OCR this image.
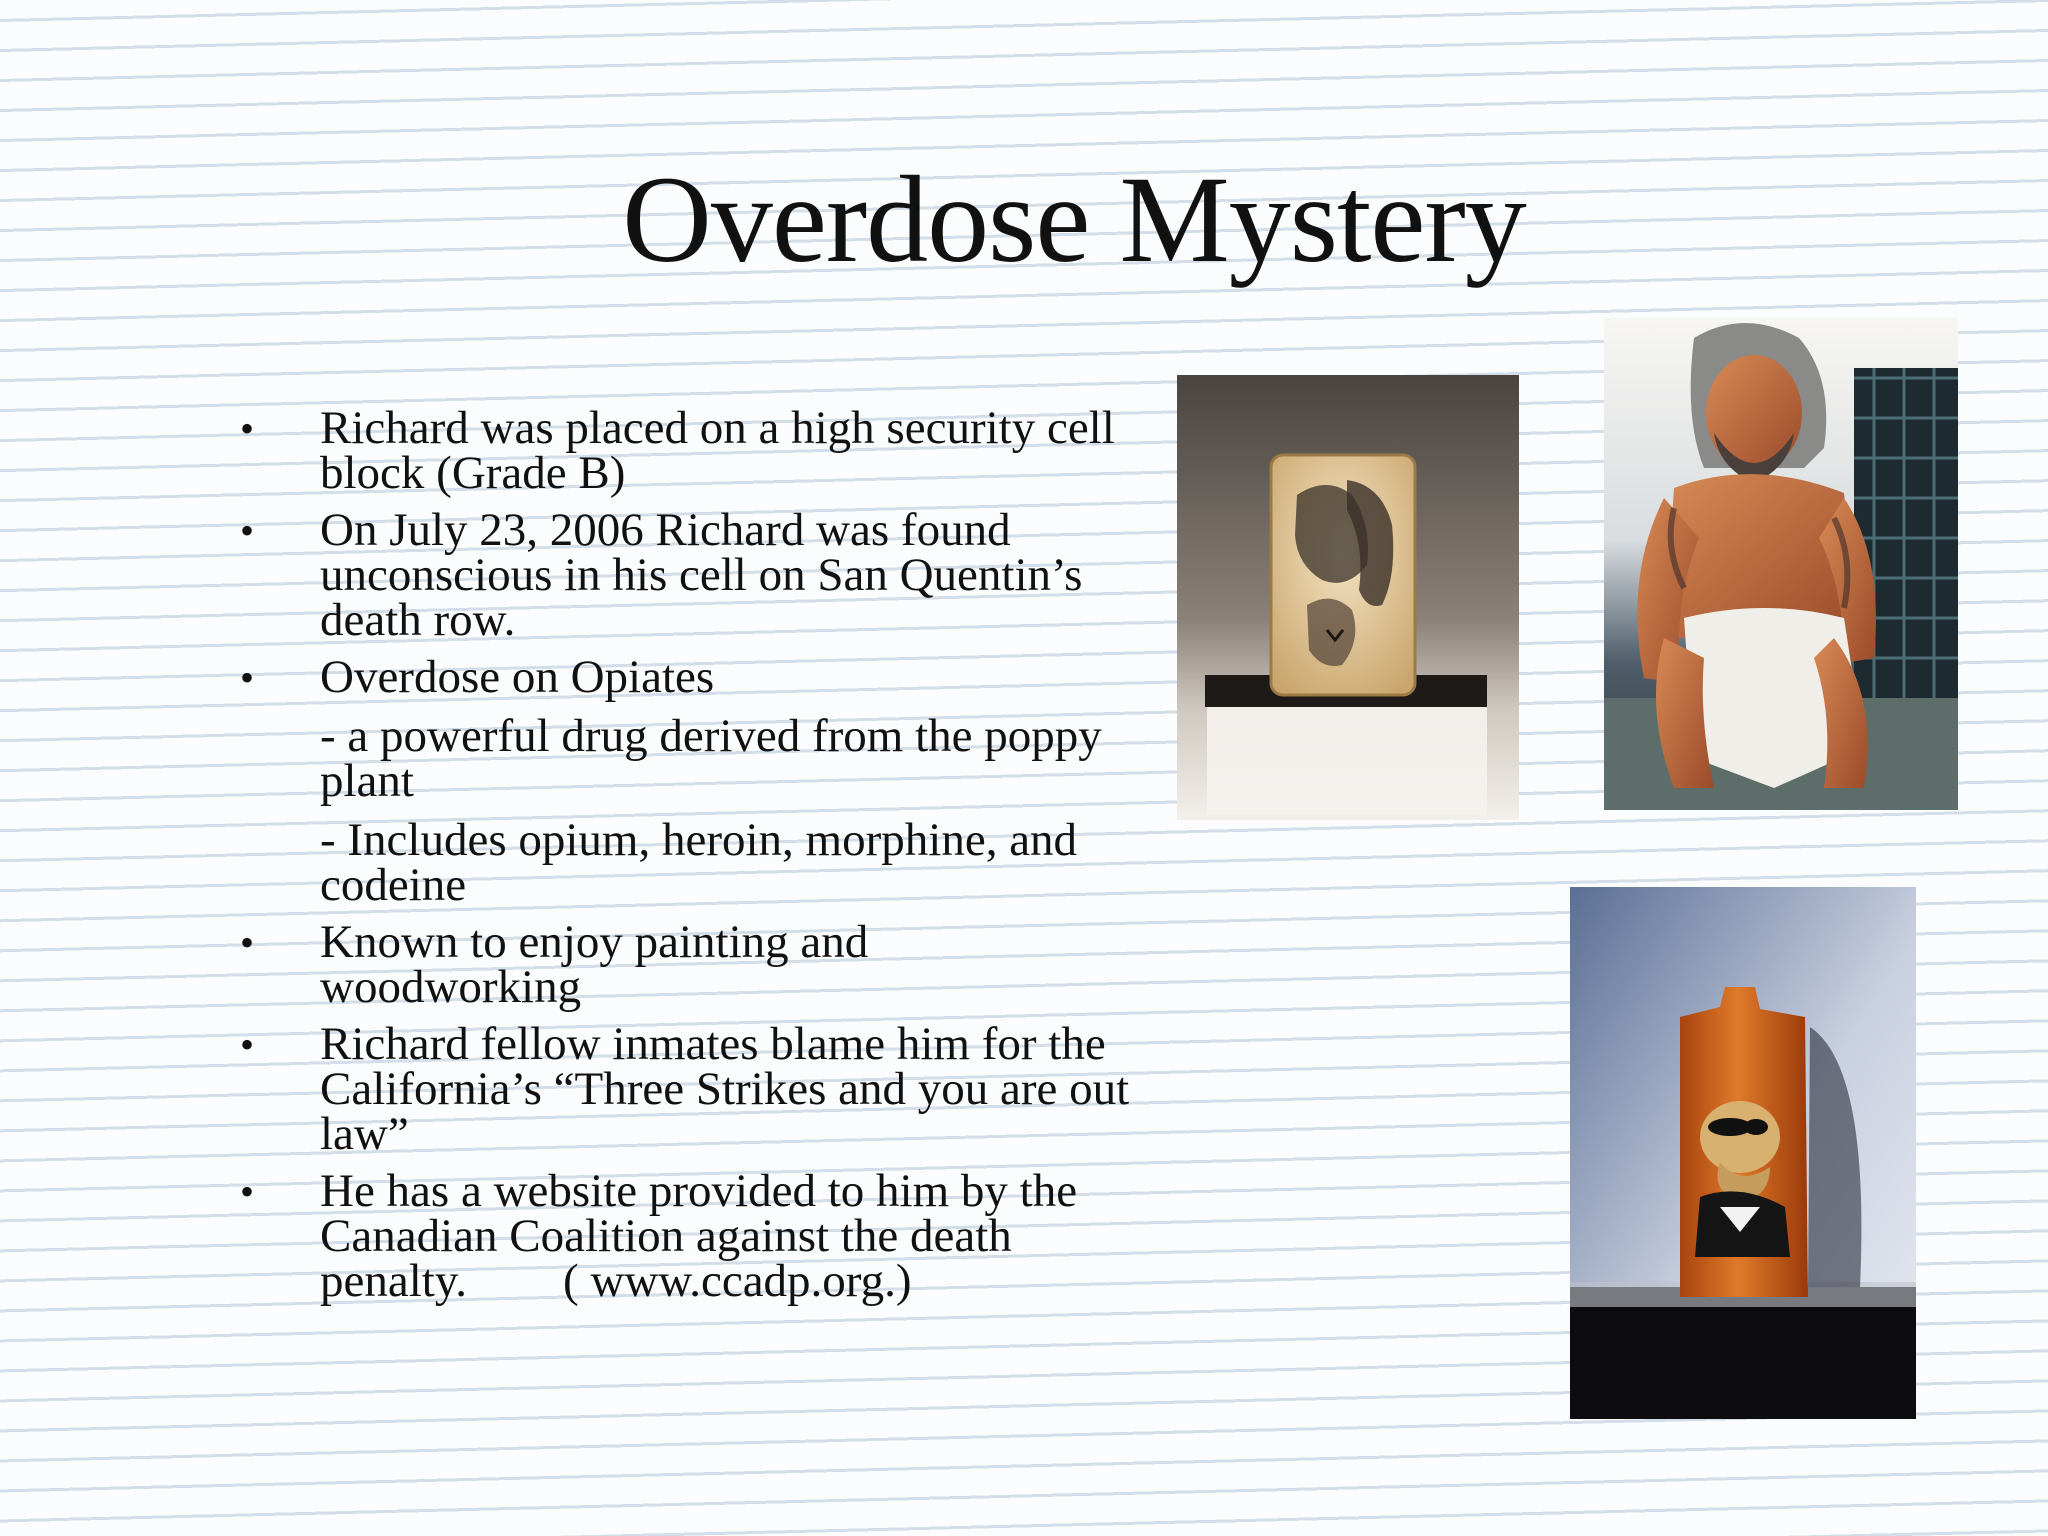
Overdose Mystery
• Richard was placed on a high security cell block (Grade B)
• On July 23, 2006 Richard was found unconscious in his cell on San Quentin’s death row.
• Overdose on Opiates
- a powerful drug derived from the poppy plant
- Includes opium, heroin, morphine, and codeine
• Known to enjoy painting and woodworking
• Richard fellow inmates blame him for the California’s “Three Strikes and you are out law”
• He has a website provided to him by the Canadian Coalition against the death penalty. ( www.ccadp.org.)
